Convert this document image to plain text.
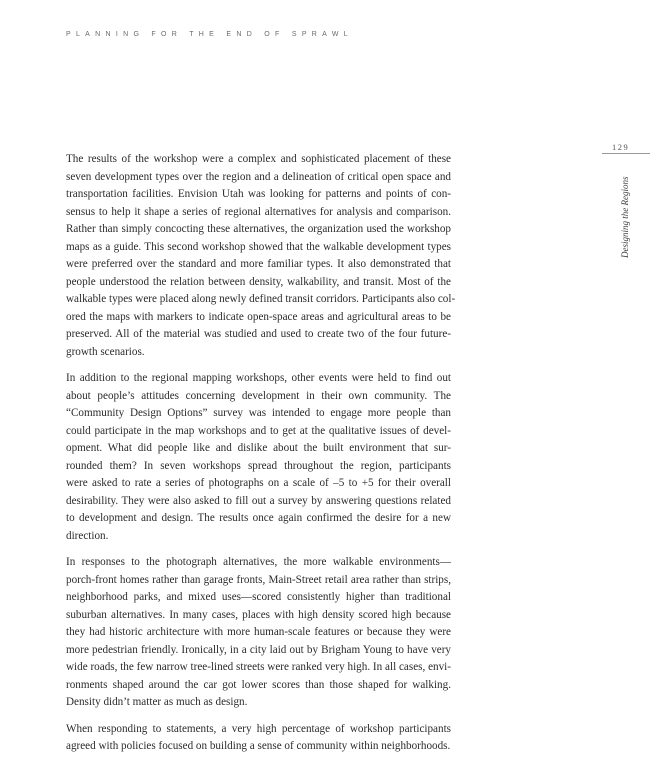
PLANNING FOR THE END OF SPRAWL
129
Designing the Regions

The results of the workshop were a complex and sophisticated placement of these
seven development types over the region and a delineation of critical open space and
transportation facilities. Envision Utah was looking for patterns and points of con-
sensus to help it shape a series of regional alternatives for analysis and comparison.
Rather than simply concocting these alternatives, the organization used the workshop
maps as a guide. This second workshop showed that the walkable development types
were preferred over the standard and more familiar types. It also demonstrated that
people understood the relation between density, walkability, and transit. Most of the
walkable types were placed along newly defined transit corridors. Participants also col-
ored the maps with markers to indicate open-space areas and agricultural areas to be
preserved. All of the material was studied and used to create two of the four future-
growth scenarios.

In addition to the regional mapping workshops, other events were held to find out
about people’s attitudes concerning development in their own community. The
“Community Design Options” survey was intended to engage more people than
could participate in the map workshops and to get at the qualitative issues of devel-
opment. What did people like and dislike about the built environment that sur-
rounded them? In seven workshops spread throughout the region, participants
were asked to rate a series of photographs on a scale of –5 to +5 for their overall
desirability. They were also asked to fill out a survey by answering questions related
to development and design. The results once again confirmed the desire for a new
direction.

In responses to the photograph alternatives, the more walkable environments—
porch-front homes rather than garage fronts, Main-Street retail area rather than strips,
neighborhood parks, and mixed uses—scored consistently higher than traditional
suburban alternatives. In many cases, places with high density scored high because
they had historic architecture with more human-scale features or because they were
more pedestrian friendly. Ironically, in a city laid out by Brigham Young to have very
wide roads, the few narrow tree-lined streets were ranked very high. In all cases, envi-
ronments shaped around the car got lower scores than those shaped for walking.
Density didn’t matter as much as design.

When responding to statements, a very high percentage of workshop participants
agreed with policies focused on building a sense of community within neighborhoods.
